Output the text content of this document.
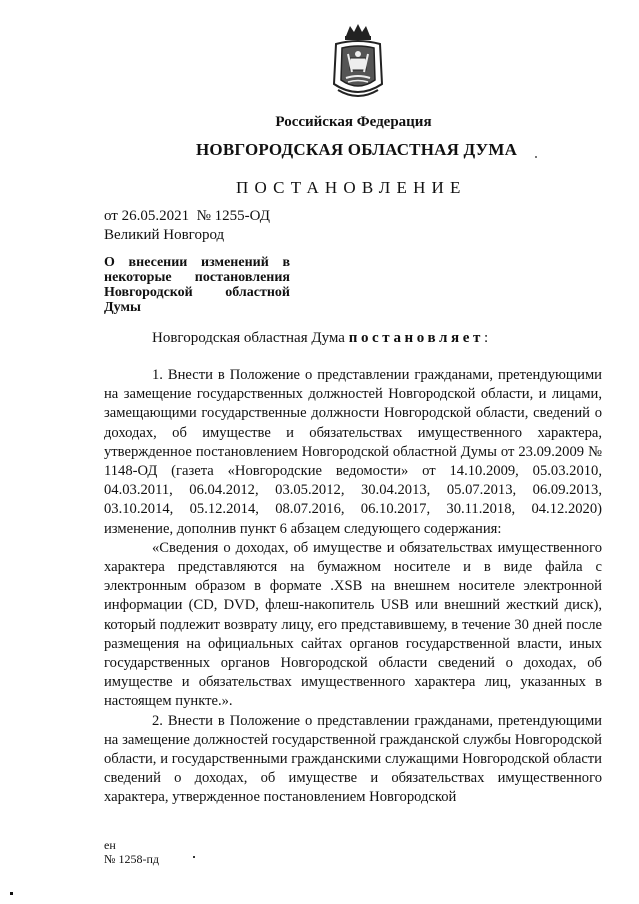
Российская Федерация
НОВГОРОДСКАЯ ОБЛАСТНАЯ ДУМА
ПОСТАНОВЛЕНИЕ
от 26.05.2021  № 1255-ОД
Великий Новгород
О внесении изменений в некоторые постановления Новгородской областной Думы
Новгородская областная Дума постановляет:

1. Внести в Положение о представлении гражданами, претендующими на замещение государственных должностей Новгородской области, и лицами, замещающими государственные должности Новгородской области, сведений о доходах, об имуществе и обязательствах имущественного характера, утвержденное постановлением Новгородской областной Думы от 23.09.2009 № 1148-ОД (газета «Новгородские ведомости» от 14.10.2009, 05.03.2010, 04.03.2011, 06.04.2012, 03.05.2012, 30.04.2013, 05.07.2013, 06.09.2013, 03.10.2014, 05.12.2014, 08.07.2016, 06.10.2017, 30.11.2018, 04.12.2020) изменение, дополнив пункт 6 абзацем следующего содержания:

«Сведения о доходах, об имуществе и обязательствах имущественного характера представляются на бумажном носителе и в виде файла с электронным образом в формате .XSB на внешнем носителе электронной информации (CD, DVD, флеш-накопитель USB или внешний жесткий диск), который подлежит возврату лицу, его представившему, в течение 30 дней после размещения на официальных сайтах органов государственной власти, иных государственных органов Новгородской области сведений о доходах, об имуществе и обязательствах имущественного характера лиц, указанных в настоящем пункте.».

2. Внести в Положение о представлении гражданами, претендующими на замещение должностей государственной гражданской службы Новгородской области, и государственными гражданскими служащими Новгородской области сведений о доходах, об имуществе и обязательствах имущественного характера, утвержденное постановлением Новгородской

ен
№ 1258-пд
